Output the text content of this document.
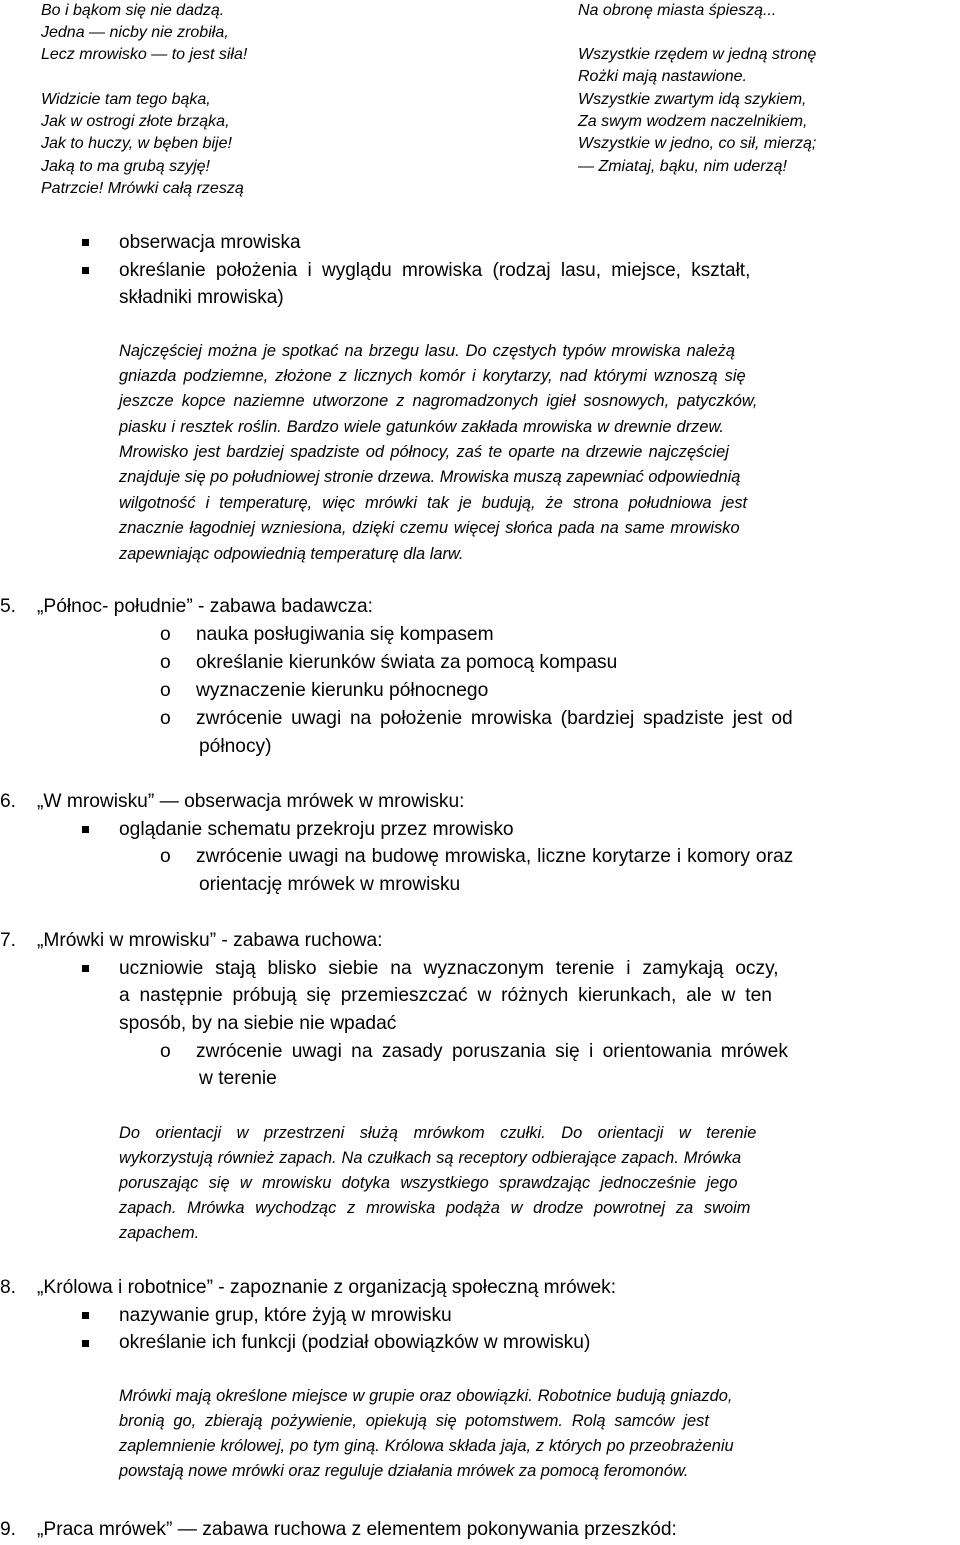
Bo i bąkom się nie dadzą.
Jedna — nicby nie zrobiła,
Lecz mrowisko — to jest siła!
Widzicie tam tego bąka,
Jak w ostrogi złote brząka,
Jak to huczy, w bęben bije!
Jaką to ma grubą szyję!
Patrzcie! Mrówki całą rzeszą
Na obronę miasta śpieszą...
Wszystkie rzędem w jedną stronę
Rożki mają nastawione.
Wszystkie zwartym idą szykiem,
Za swym wodzem naczelnikiem,
Wszystkie w jedno, co sił, mierzą;
— Zmiataj, bąku, nim uderzą!
obserwacja mrowiska
określanie położenia i wyglądu mrowiska (rodzaj lasu, miejsce, kształt,
składniki mrowiska)
Najczęściej można je spotkać na brzegu lasu. Do częstych typów mrowiska należą
gniazda podziemne, złożone z licznych komór i korytarzy, nad którymi wznoszą się
jeszcze kopce naziemne utworzone z nagromadzonych igieł sosnowych, patyczków,
piasku i resztek roślin. Bardzo wiele gatunków zakłada mrowiska w drewnie drzew.
Mrowisko jest bardziej spadziste od północy, zaś te oparte na drzewie najczęściej
znajduje się po południowej stronie drzewa. Mrowiska muszą zapewniać odpowiednią
wilgotność i temperaturę, więc mrówki tak je budują, że strona południowa jest
znacznie łagodniej wzniesiona, dzięki czemu więcej słońca pada na same mrowisko
zapewniając odpowiednią temperaturę dla larw.
5. „Północ- południe” - zabawa badawcza:
o nauka posługiwania się kompasem
o określanie kierunków świata za pomocą kompasu
o wyznaczenie kierunku północnego
o zwrócenie uwagi na położenie mrowiska (bardziej spadziste jest od
północy)
6. „W mrowisku” — obserwacja mrówek w mrowisku:
oglądanie schematu przekroju przez mrowisko
o zwrócenie uwagi na budowę mrowiska, liczne korytarze i komory oraz
orientację mrówek w mrowisku
7. „Mrówki w mrowisku” - zabawa ruchowa:
uczniowie stają blisko siebie na wyznaczonym terenie i zamykają oczy,
a następnie próbują się przemieszczać w różnych kierunkach, ale w ten
sposób, by na siebie nie wpadać
o zwrócenie uwagi na zasady poruszania się i orientowania mrówek
w terenie
Do orientacji w przestrzeni służą mrówkom czułki. Do orientacji w terenie
wykorzystują również zapach. Na czułkach są receptory odbierające zapach. Mrówka
poruszając się w mrowisku dotyka wszystkiego sprawdzając jednocześnie jego
zapach. Mrówka wychodząc z mrowiska podąża w drodze powrotnej za swoim
zapachem.
8. „Królowa i robotnice” - zapoznanie z organizacją społeczną mrówek:
nazywanie grup, które żyją w mrowisku
określanie ich funkcji (podział obowiązków w mrowisku)
Mrówki mają określone miejsce w grupie oraz obowiązki. Robotnice budują gniazdo,
bronią go, zbierają pożywienie, opiekują się potomstwem. Rolą samców jest
zaplemnienie królowej, po tym giną. Królowa składa jaja, z których po przeobrażeniu
powstają nowe mrówki oraz reguluje działania mrówek za pomocą feromonów.
9. „Praca mrówek” — zabawa ruchowa z elementem pokonywania przeszkód:
